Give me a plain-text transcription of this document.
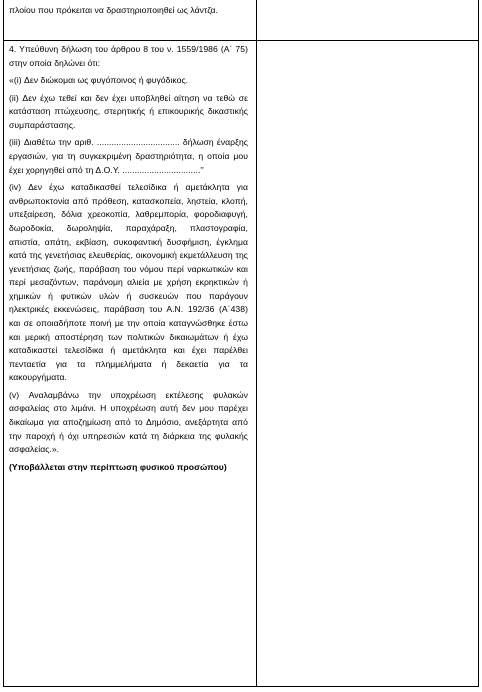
πλοίου που πρόκειται να δραστηριοποιηθεί ως λάντζα.

4. Υπεύθυνη δήλωση του άρθρου 8 του ν. 1559/1986 (Α΄ 75) στην οποία δηλώνει ότι:

«(i) Δεν διώκομαι ως φυγόποινος ή φυγόδικος.

(ii) Δεν έχω τεθεί και δεν έχει υποβληθεί αίτηση να τεθώ σε κατάσταση πτώχευσης, στερητικής ή επικουρικής δικαστικής συμπαράστασης.

(iii) Διαθέτω την αριθ. .................................. δήλωση έναρξης εργασιών, για τη συγκεκριμένη δραστηριότητα, η οποία μου έχει χορηγηθεί από τη Δ.Ο.Υ. ................................''

(iv) Δεν έχω καταδικασθεί τελεσίδικα ή αμετάκλητα για ανθρωποκτονία από πρόθεση, κατασκοπεία, ληστεία, κλοπή, υπεξαίρεση, δόλια χρεοκοπία, λαθρεμπορία, φοροδιαφυγή, δωροδοκία, δωροληψία, παραχάραξη, πλαστογραφία, απιστία, απάτη, εκβίαση, συκοφαντική δυσφήμιση, έγκλημα κατά της γενετήσιας ελευθερίας, οικονομική εκμετάλλευση της γενετήσιας ζωής, παράβαση του νόμου περί ναρκωτικών και περί μεσαζόντων, παράνομη αλιεία με χρήση εκρηκτικών ή χημικών ή φυτικών υλών ή συσκευών που παράγουν ηλεκτρικές εκκενώσεις, παράβαση του Α.Ν. 192/36 (Α΄438) και σε οποιαδήποτε ποινή με την οποία καταγνώσθηκε έστω και μερική αποστέρηση των πολιτικών δικαιωμάτων ή έχω καταδικαστεί τελεσίδικα ή αμετάκλητα και έχει παρέλθει πενταετία για τα πλημμελήματα ή δεκαετία για τα κακουργήματα.

(v) Αναλαμβάνω την υποχρέωση εκτέλεσης φυλακών ασφαλείας στο λιμάνι. Η υποχρέωση αυτή δεν μου παρέχει δικαίωμα για αποζημίωση από το Δημόσιο, ανεξάρτητα από την παροχή ή όχι υπηρεσιών κατά τη διάρκεια της φυλακής ασφαλείας.».

(Υποβάλλεται στην περίπτωση φυσικού προσώπου)
